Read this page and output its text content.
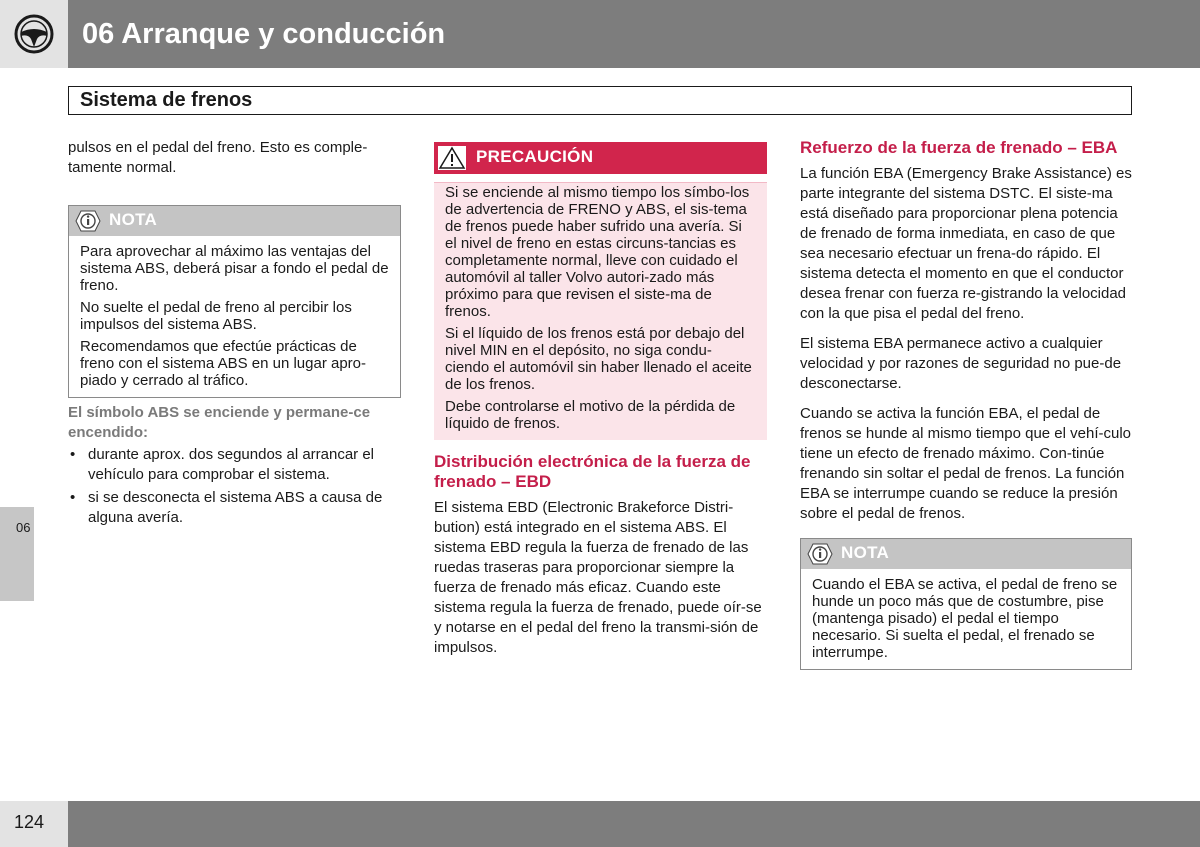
06 Arranque y conducción
Sistema de frenos
06
124

pulsos en el pedal del freno. Esto es comple-tamente normal.

NOTA

Para aprovechar al máximo las ventajas del sistema ABS, deberá pisar a fondo el pedal de freno.

No suelte el pedal de freno al percibir los impulsos del sistema ABS.

Recomendamos que efectúe prácticas de freno con el sistema ABS en un lugar apro-piado y cerrado al tráfico.

El símbolo ABS se enciende y permane-ce encendido:
• durante aprox. dos segundos al arrancar el vehículo para comprobar el sistema.
• si se desconecta el sistema ABS a causa de alguna avería.
PRECAUCIÓN

Si se enciende al mismo tiempo los símbo-los de advertencia de FRENO y ABS, el sis-tema de frenos puede haber sufrido una avería. Si el nivel de freno en estas circuns-tancias es completamente normal, lleve con cuidado el automóvil al taller Volvo autori-zado más próximo para que revisen el siste-ma de frenos.

Si el líquido de los frenos está por debajo del nivel MIN en el depósito, no siga condu-ciendo el automóvil sin haber llenado el aceite de los frenos.

Debe controlarse el motivo de la pérdida de líquido de frenos.

Distribución electrónica de la fuerza de frenado – EBD

El sistema EBD (Electronic Brakeforce Distri-bution) está integrado en el sistema ABS. El sistema EBD regula la fuerza de frenado de las ruedas traseras para proporcionar siempre la fuerza de frenado más eficaz. Cuando este sistema regula la fuerza de frenado, puede oír-se y notarse en el pedal del freno la transmi-sión de impulsos.

Refuerzo de la fuerza de frenado – EBA

La función EBA (Emergency Brake Assistance) es parte integrante del sistema DSTC. El siste-ma está diseñado para proporcionar plena potencia de frenado de forma inmediata, en caso de que sea necesario efectuar un frena-do rápido. El sistema detecta el momento en que el conductor desea frenar con fuerza re-gistrando la velocidad con la que pisa el pedal del freno.

El sistema EBA permanece activo a cualquier velocidad y por razones de seguridad no pue-de desconectarse.

Cuando se activa la función EBA, el pedal de frenos se hunde al mismo tiempo que el vehí-culo tiene un efecto de frenado máximo. Con-tinúe frenando sin soltar el pedal de frenos. La función EBA se interrumpe cuando se reduce la presión sobre el pedal de frenos.

NOTA

Cuando el EBA se activa, el pedal de freno se hunde un poco más que de costumbre, pise (mantenga pisado) el pedal el tiempo necesario. Si suelta el pedal, el frenado se interrumpe.
